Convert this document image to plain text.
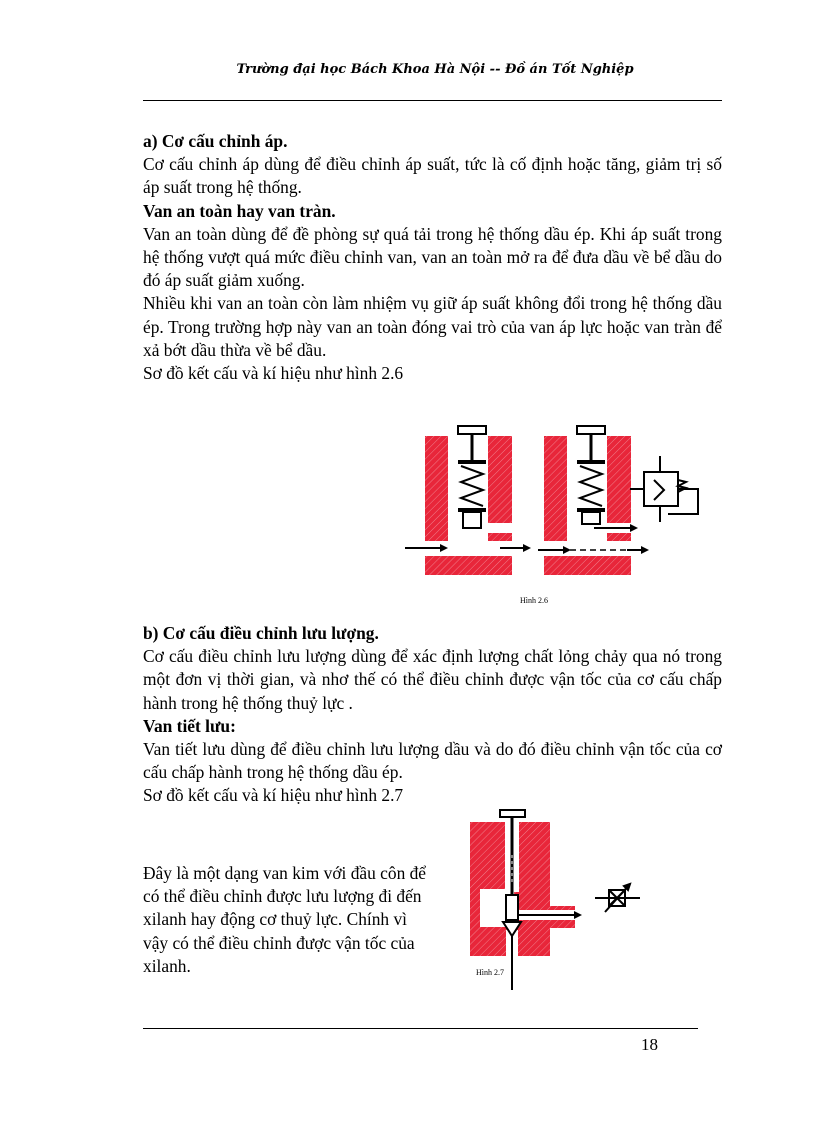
Trường đại học Bách Khoa Hà Nội -- Đồ án Tốt Nghiệp

a) Cơ cấu chỉnh áp.

Cơ cấu chỉnh áp dùng để điều chỉnh áp suất, tức là cố định hoặc tăng, giảm trị số áp suất trong hệ thống.

Van an toàn hay van tràn.

Van an toàn dùng để đề phòng sự quá tải trong hệ thống dầu ép. Khi áp suất trong hệ thống vượt quá mức điều chỉnh van, van an toàn mở ra để đưa dầu về bể dầu do đó áp suất giảm xuống.

Nhiều khi van an toàn còn làm nhiệm vụ giữ áp suất không đổi trong hệ thống dầu ép. Trong trường hợp này van an toàn đóng vai trò của van áp lực hoặc van tràn để xả bớt dầu thừa về bể dầu.

Sơ đồ kết cấu và kí hiệu như hình 2.6

Hình 2.6

b) Cơ cấu điều chỉnh lưu lượng.

Cơ cấu điều chỉnh lưu lượng dùng để xác định lượng chất lỏng chảy qua nó trong một đơn vị thời gian, và nhơ thế có thể điều chỉnh được vận tốc của cơ cấu chấp hành trong hệ thống thuỷ lực .

Van tiết lưu:

Van tiết lưu dùng để điều chỉnh lưu lượng dầu và do đó điều chỉnh vận tốc của cơ cấu chấp hành trong hệ thống dầu ép.

Sơ đồ kết cấu và kí hiệu như hình 2.7

Đây là một dạng van kim với đầu côn để có thể điều chỉnh được lưu lượng đi đến xilanh hay động cơ thuỷ lực. Chính vì vậy có thể điều chỉnh được vận tốc của xilanh.	Hình 2.7
18
